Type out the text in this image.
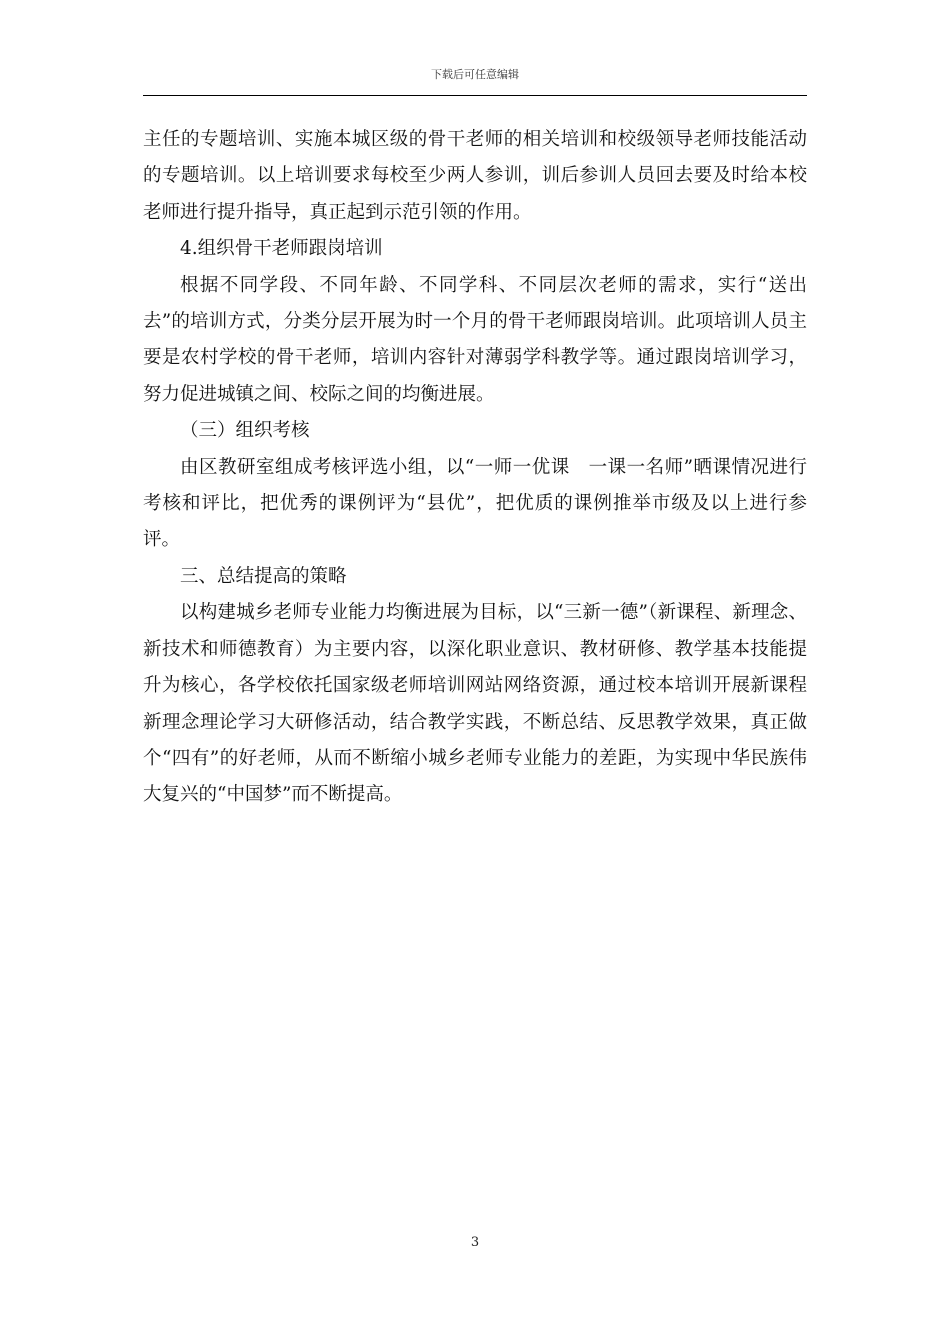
下载后可任意编辑

主任的专题培训、实施本城区级的骨干老师的相关培训和校级领导老师技能活动的专题培训。以上培训要求每校至少两人参训，训后参训人员回去要及时给本校老师进行提升指导，真正起到示范引领的作用。

4.组织骨干老师跟岗培训

根据不同学段、不同年龄、不同学科、不同层次老师的需求，实行“送出去”的培训方式，分类分层开展为时一个月的骨干老师跟岗培训。此项培训人员主要是农村学校的骨干老师，培训内容针对薄弱学科教学等。通过跟岗培训学习，努力促进城镇之间、校际之间的均衡进展。

（三）组织考核

由区教研室组成考核评选小组，以“一师一优课　一课一名师”晒课情况进行考核和评比，把优秀的课例评为“县优”，把优质的课例推举市级及以上进行参评。

三、总结提高的策略

以构建城乡老师专业能力均衡进展为目标，以“三新一德”（新课程、新理念、新技术和师德教育）为主要内容，以深化职业意识、教材研修、教学基本技能提升为核心，各学校依托国家级老师培训网站网络资源，通过校本培训开展新课程新理念理论学习大研修活动，结合教学实践，不断总结、反思教学效果，真正做个“四有”的好老师，从而不断缩小城乡老师专业能力的差距，为实现中华民族伟大复兴的“中国梦”而不断提高。

3
